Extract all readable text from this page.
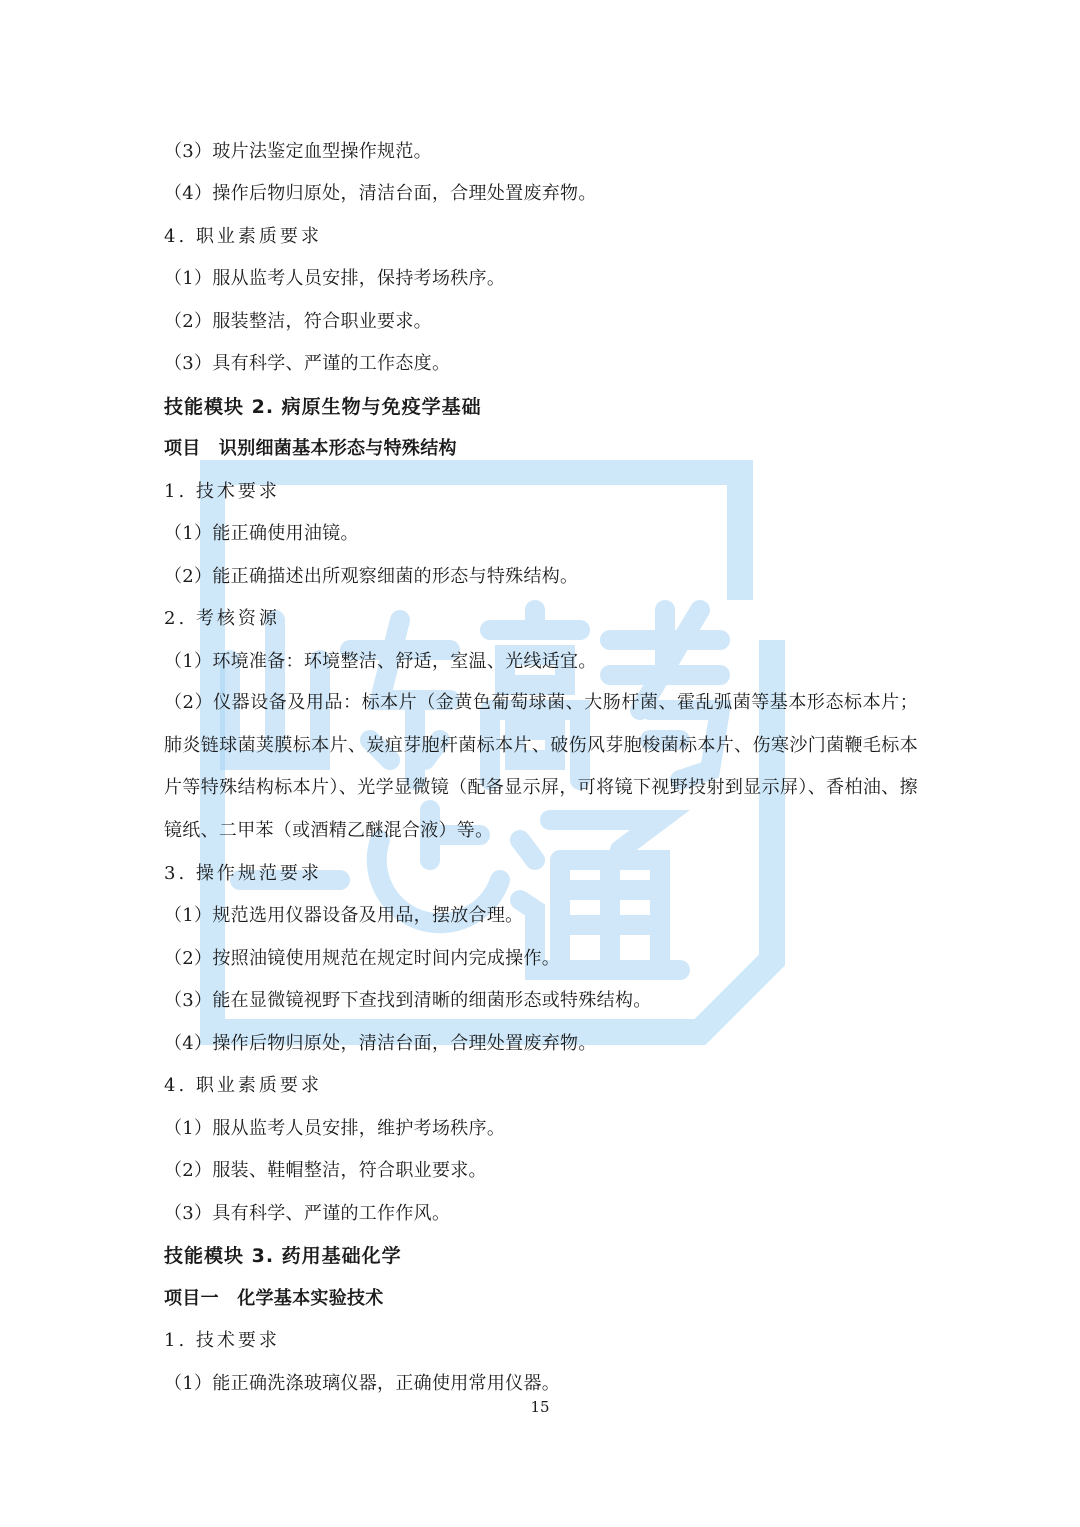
（3）玻片法鉴定血型操作规范。
（4）操作后物归原处，清洁台面，合理处置废弃物。
4. 职业素质要求
（1）服从监考人员安排，保持考场秩序。
（2）服装整洁，符合职业要求。
（3）具有科学、严谨的工作态度。
技能模块 2. 病原生物与免疫学基础
项目　识别细菌基本形态与特殊结构
1. 技术要求
（1）能正确使用油镜。
（2）能正确描述出所观察细菌的形态与特殊结构。
2. 考核资源
（1）环境准备：环境整洁、舒适，室温、光线适宜。
（2）仪器设备及用品：标本片（金黄色葡萄球菌、大肠杆菌、霍乱弧菌等基本形态标本片；肺炎链球菌荚膜标本片、炭疽芽胞杆菌标本片、破伤风芽胞梭菌标本片、伤寒沙门菌鞭毛标本片等特殊结构标本片）、光学显微镜（配备显示屏，可将镜下视野投射到显示屏）、香柏油、擦镜纸、二甲苯（或酒精乙醚混合液）等。
3. 操作规范要求
（1）规范选用仪器设备及用品，摆放合理。
（2）按照油镜使用规范在规定时间内完成操作。
（3）能在显微镜视野下查找到清晰的细菌形态或特殊结构。
（4）操作后物归原处，清洁台面，合理处置废弃物。
4. 职业素质要求
（1）服从监考人员安排，维护考场秩序。
（2）服装、鞋帽整洁，符合职业要求。
（3）具有科学、严谨的工作作风。
技能模块 3. 药用基础化学
项目一　化学基本实验技术
1. 技术要求
（1）能正确洗涤玻璃仪器，正确使用常用仪器。
15
